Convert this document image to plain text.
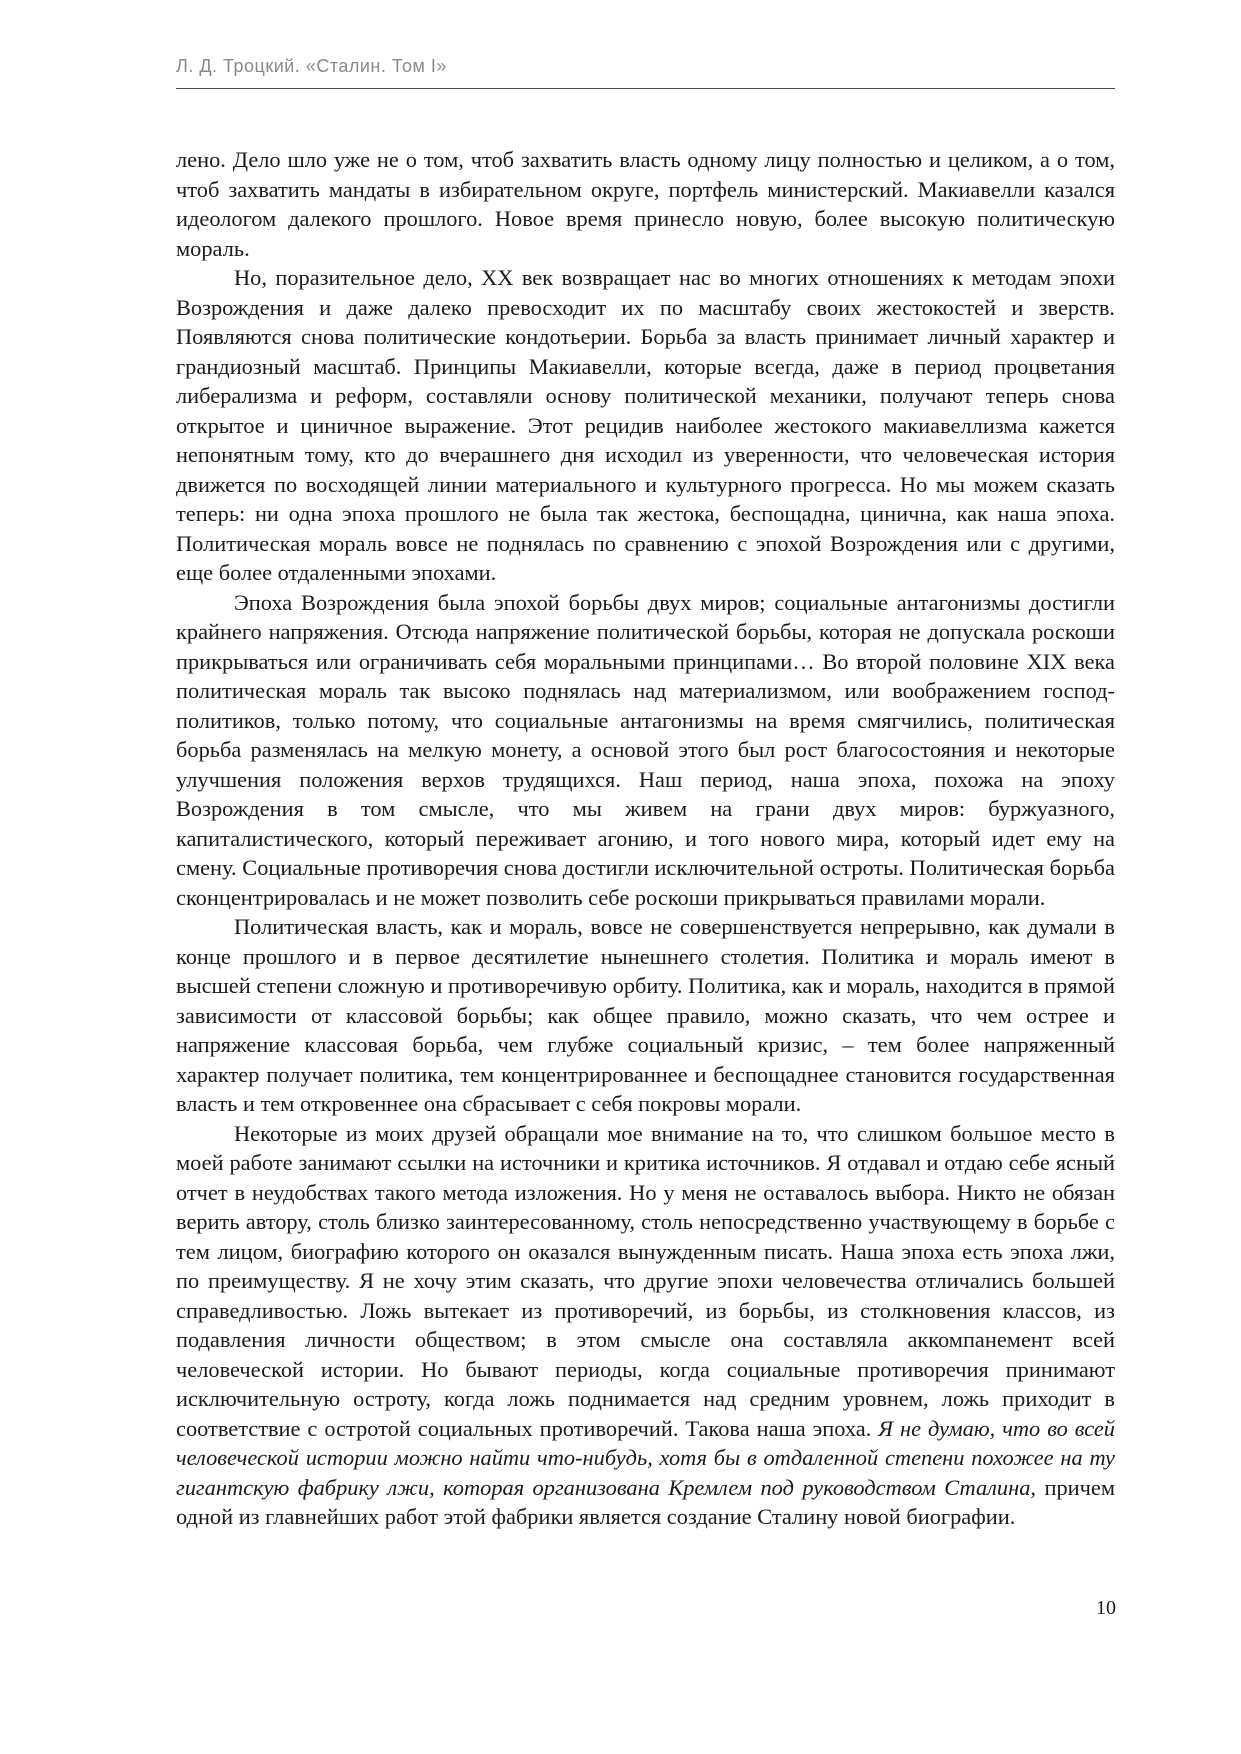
Л. Д. Троцкий. «Сталин. Том I»

лено. Дело шло уже не о том, чтоб захватить власть одному лицу полностью и целиком, а о том, чтоб захватить мандаты в избирательном округе, портфель министерский. Макиавелли казался идеологом далекого прошлого. Новое время принесло новую, более высокую политическую мораль.

Но, поразительное дело, XX век возвращает нас во многих отношениях к методам эпохи Возрождения и даже далеко превосходит их по масштабу своих жестокостей и зверств. Появляются снова политические кондотьерии. Борьба за власть принимает личный характер и грандиозный масштаб. Принципы Макиавелли, которые всегда, даже в период процветания либерализма и реформ, составляли основу политической механики, получают теперь снова открытое и циничное выражение. Этот рецидив наиболее жестокого макиавеллизма кажется непонятным тому, кто до вчерашнего дня исходил из уверенности, что человеческая история движется по восходящей линии материального и культурного прогресса. Но мы можем сказать теперь: ни одна эпоха прошлого не была так жестока, беспощадна, цинична, как наша эпоха. Политическая мораль вовсе не поднялась по сравнению с эпохой Возрождения или с другими, еще более отдаленными эпохами.

Эпоха Возрождения была эпохой борьбы двух миров; социальные антагонизмы достигли крайнего напряжения. Отсюда напряжение политической борьбы, которая не допускала роскоши прикрываться или ограничивать себя моральными принципами… Во второй половине XIX века политическая мораль так высоко поднялась над материализмом, или воображением господ-политиков, только потому, что социальные антагонизмы на время смягчились, политическая борьба разменялась на мелкую монету, а основой этого был рост благосостояния и некоторые улучшения положения верхов трудящихся. Наш период, наша эпоха, похожа на эпоху Возрождения в том смысле, что мы живем на грани двух миров: буржуазного, капиталистического, который переживает агонию, и того нового мира, который идет ему на смену. Социальные противоречия снова достигли исключительной остроты. Политическая борьба сконцентрировалась и не может позволить себе роскоши прикрываться правилами морали.

Политическая власть, как и мораль, вовсе не совершенствуется непрерывно, как думали в конце прошлого и в первое десятилетие нынешнего столетия. Политика и мораль имеют в высшей степени сложную и противоречивую орбиту. Политика, как и мораль, находится в прямой зависимости от классовой борьбы; как общее правило, можно сказать, что чем острее и напряжение классовая борьба, чем глубже социальный кризис, – тем более напряженный характер получает политика, тем концентрированнее и беспощаднее становится государственная власть и тем откровеннее она сбрасывает с себя покровы морали.

Некоторые из моих друзей обращали мое внимание на то, что слишком большое место в моей работе занимают ссылки на источники и критика источников. Я отдавал и отдаю себе ясный отчет в неудобствах такого метода изложения. Но у меня не оставалось выбора. Никто не обязан верить автору, столь близко заинтересованному, столь непосредственно участвующему в борьбе с тем лицом, биографию которого он оказался вынужденным писать. Наша эпоха есть эпоха лжи, по преимуществу. Я не хочу этим сказать, что другие эпохи человечества отличались большей справедливостью. Ложь вытекает из противоречий, из борьбы, из столкновения классов, из подавления личности обществом; в этом смысле она составляла аккомпанемент всей человеческой истории. Но бывают периоды, когда социальные противоречия принимают исключительную остроту, когда ложь поднимается над средним уровнем, ложь приходит в соответствие с остротой социальных противоречий. Такова наша эпоха. Я не думаю, что во всей человеческой истории можно найти что-нибудь, хотя бы в отдаленной степени похожее на ту гигантскую фабрику лжи, которая организована Кремлем под руководством Сталина, причем одной из главнейших работ этой фабрики является создание Сталину новой биографии.

10
